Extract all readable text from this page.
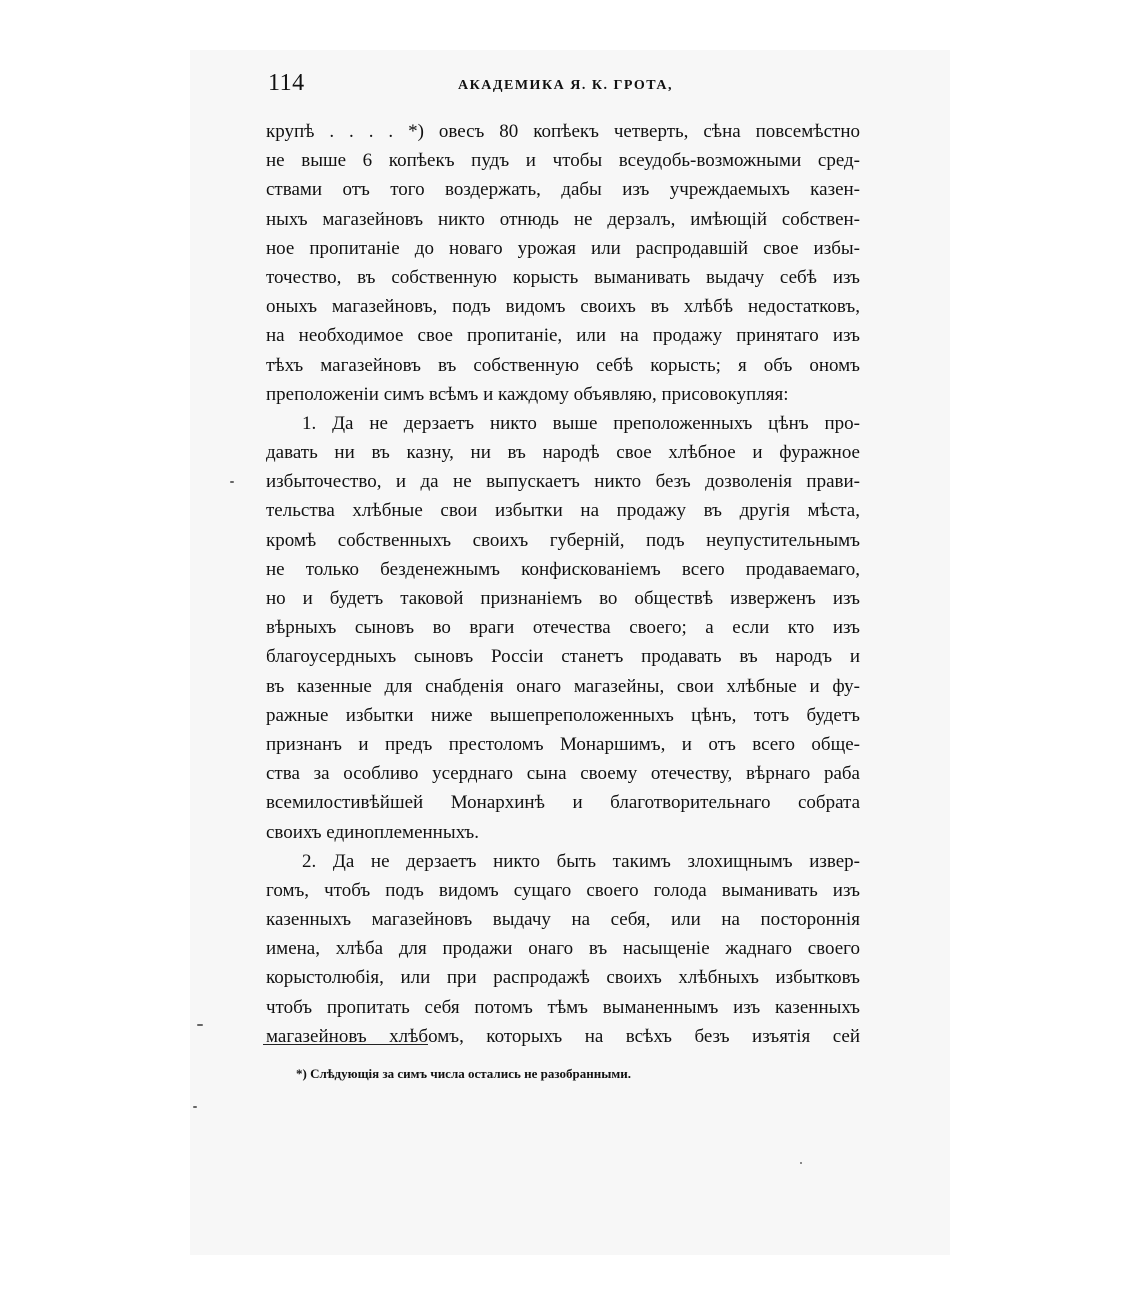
114	АКАДЕМИКА Я. К. ГРОТА,
крупѣ . . . . *) овесъ 80 копѣекъ четверть, сѣна повсемѣстно
не выше 6 копѣекъ пудъ и чтобы всеудобь-возможными сред-
ствами отъ того воздержать, дабы изъ учреждаемыхъ казен-
ныхъ магазейновъ никто отнюдь не дерзалъ, имѣющій собствен-
ное пропитаніе до новаго урожая или распродавшій свое избы-
точество, въ собственную корысть выманивать выдачу себѣ изъ
оныхъ магазейновъ, подъ видомъ своихъ въ хлѣбѣ недостатковъ,
на необходимое свое пропитаніе, или на продажу принятаго изъ
тѣхъ магазейновъ въ собственную себѣ корысть; я объ ономъ
преположеніи симъ всѣмъ и каждому объявляю, присовокупляя:
1. Да не дерзаетъ никто выше преположенныхъ цѣнъ про-
давать ни въ казну, ни въ народѣ свое хлѣбное и фуражное
избыточество, и да не выпускаетъ никто безъ дозволенія прави-
тельства хлѣбные свои избытки на продажу въ другія мѣста,
кромѣ собственныхъ своихъ губерній, подъ неупустительнымъ
не только безденежнымъ конфискованіемъ всего продаваемаго,
но и будетъ таковой признаніемъ во обществѣ изверженъ изъ
вѣрныхъ сыновъ во враги отечества своего; а если кто изъ
благоусердныхъ сыновъ Россіи станетъ продавать въ народъ и
въ казенные для снабденія онаго магазейны, свои хлѣбные и фу-
ражные избытки ниже вышепреположенныхъ цѣнъ, тотъ будетъ
признанъ и предъ престоломъ Монаршимъ, и отъ всего обще-
ства за особливо усерднаго сына своему отечеству, вѣрнаго раба
всемилостивѣйшей Монархинѣ и благотворительнаго собрата
своихъ единоплеменныхъ.
2. Да не дерзаетъ никто быть такимъ злохищнымъ извер-
гомъ, чтобъ подъ видомъ сущаго своего голода выманивать изъ
казенныхъ магазейновъ выдачу на себя, или на постороннія
имена, хлѣба для продажи онаго въ насыщеніе жаднаго своего
корыстолюбія, или при распродажѣ своихъ хлѣбныхъ избытковъ
чтобъ пропитать себя потомъ тѣмъ выманеннымъ изъ казенныхъ
магазейновъ хлѣбомъ, которыхъ на всѣхъ безъ изъятія сей
*) Слѣдующія за симъ числа остались не разобранными.
